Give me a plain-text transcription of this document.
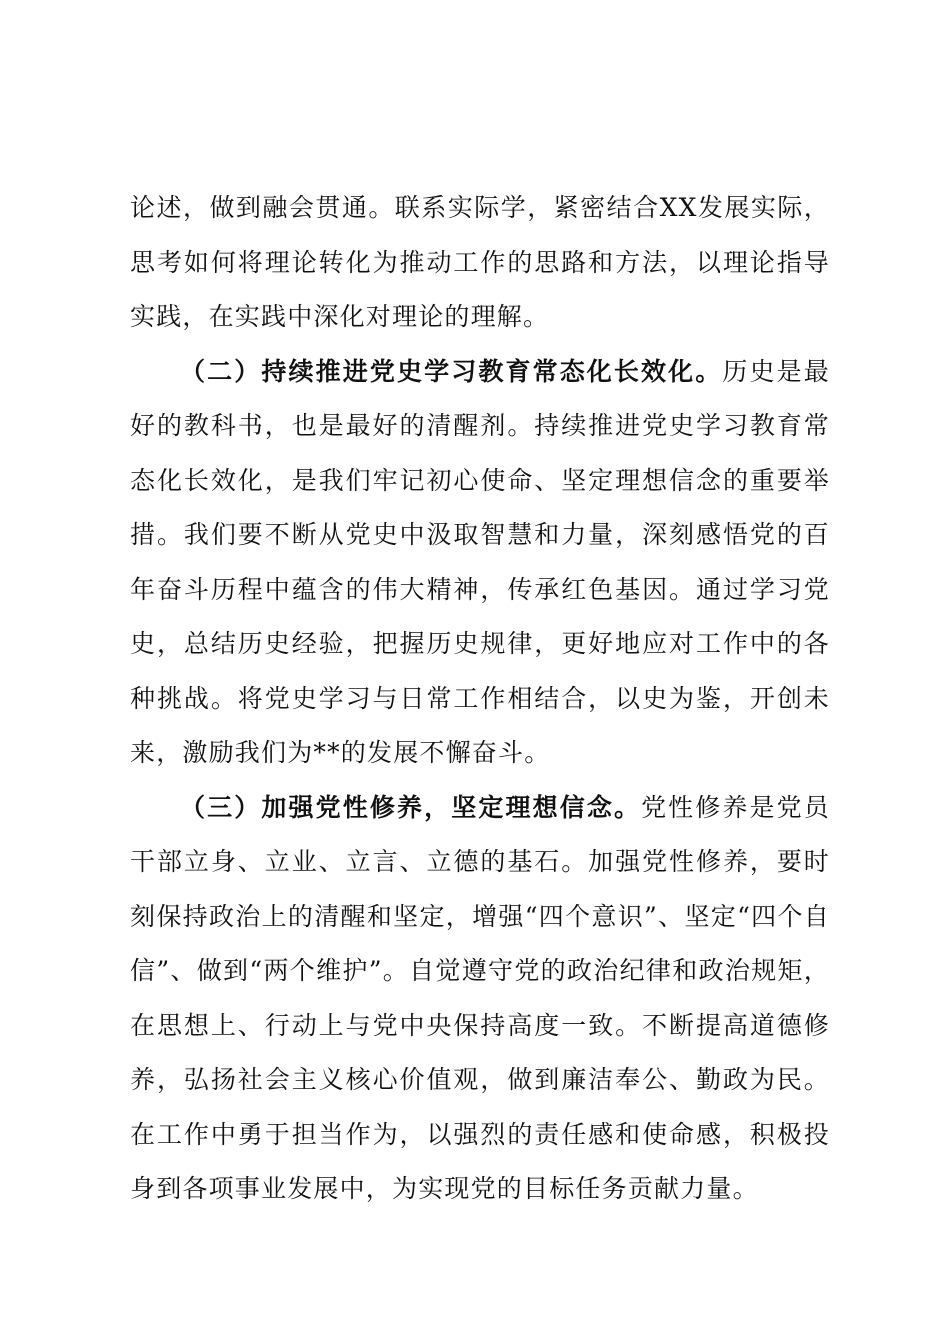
论述，做到融会贯通。联系实际学，紧密结合XX发展实际，思考如何将理论转化为推动工作的思路和方法，以理论指导实践，在实践中深化对理论的理解。

（二）持续推进党史学习教育常态化长效化。历史是最好的教科书，也是最好的清醒剂。持续推进党史学习教育常态化长效化，是我们牢记初心使命、坚定理想信念的重要举措。我们要不断从党史中汲取智慧和力量，深刻感悟党的百年奋斗历程中蕴含的伟大精神，传承红色基因。通过学习党史，总结历史经验，把握历史规律，更好地应对工作中的各种挑战。将党史学习与日常工作相结合，以史为鉴，开创未来，激励我们为**的发展不懈奋斗。

（三）加强党性修养，坚定理想信念。党性修养是党员干部立身、立业、立言、立德的基石。加强党性修养，要时刻保持政治上的清醒和坚定，增强“四个意识”、坚定“四个自信”、做到“两个维护”。自觉遵守党的政治纪律和政治规矩，在思想上、行动上与党中央保持高度一致。不断提高道德修养，弘扬社会主义核心价值观，做到廉洁奉公、勤政为民。在工作中勇于担当作为，以强烈的责任感和使命感，积极投身到各项事业发展中，为实现党的目标任务贡献力量。
